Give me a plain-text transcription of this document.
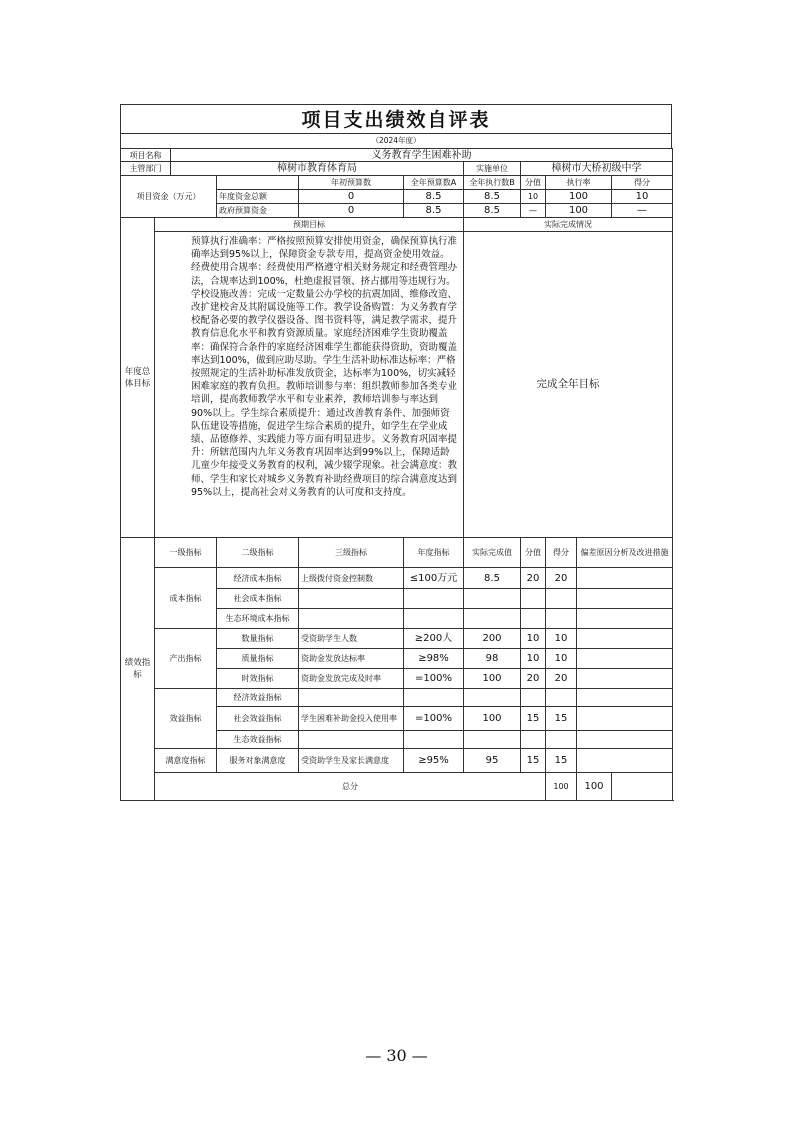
项目支出绩效自评表
（2024年度）
项目名称		义务教育学生困难补助								
主管部门		樟树市教育体育局				实施单位	樟树市大桥初级中学			
项目资金（万元）				年初预算数	全年预算数A	全年执行数B	分值	执行率		得分
			年度资金总额	0	8.5	8.5	10	100		10
			政府预算资金	0	8.5	8.5	—	100		—
年度总体目标	预期目标					实际完成情况				

	预算执行准确率：严格按照预算安排使用资金，确保预算执行准确率达到95%以上，保障资金专款专用，提高资金使用效益。经费使用合规率：经费使用严格遵守相关财务规定和经费管理办法，合规率达到100%，杜绝虚报冒领、挤占挪用等违规行为。学校设施改善：完成一定数量公办学校的抗震加固、维修改造、改扩建校舍及其附属设施等工作。教学设备购置：为义务教育学校配备必要的教学仪器设备、图书资料等，满足教学需求，提升教育信息化水平和教育资源质量。家庭经济困难学生资助覆盖率：确保符合条件的家庭经济困难学生都能获得资助，资助覆盖率达到100%，做到应助尽助。学生生活补助标准达标率：严格按照规定的生活补助标准发放资金，达标率为100%，切实减轻困难家庭的教育负担。教师培训参与率：组织教师参加各类专业培训，提高教师教学水平和专业素养，教师培训参与率达到90%以上。学生综合素质提升：通过改善教育条件、加强师资队伍建设等措施，促进学生综合素质的提升，如学生在学业成绩、品德修养、实践能力等方面有明显进步。义务教育巩固率提升：所辖范围内九年义务教育巩固率达到99%以上，保障适龄儿童少年接受义务教育的权利，减少辍学现象。社会满意度：教师、学生和家长对城乡义务教育补助经费项目的综合满意度达到95%以上，提高社会对义务教育的认可度和支持度。					完成全年目标				
绩效指标	一级指标		二级指标	三级指标	年度指标	实际完成值	分值	得分	偏差原因分析及改进措施	
	成本指标		经济成本指标	上级拨付资金控制数	≤100万元	8.5	20	20		
			社会成本指标							
			生态环境成本指标							
	产出指标		数量指标	受资助学生人数	≥200人	200	10	10		
			质量指标	资助金发放达标率	≥98%	98	10	10		
			时效指标	资助金发放完成及时率	=100%	100	20	20		
	效益指标		经济效益指标							
			社会效益指标	学生困难补助金投入使用率	=100%	100	15	15		
			生态效益指标							
	满意度指标		服务对象满意度	受资助学生及家长满意度	≥95%	95	15	15		
	总分							100	100	
— 30 —
